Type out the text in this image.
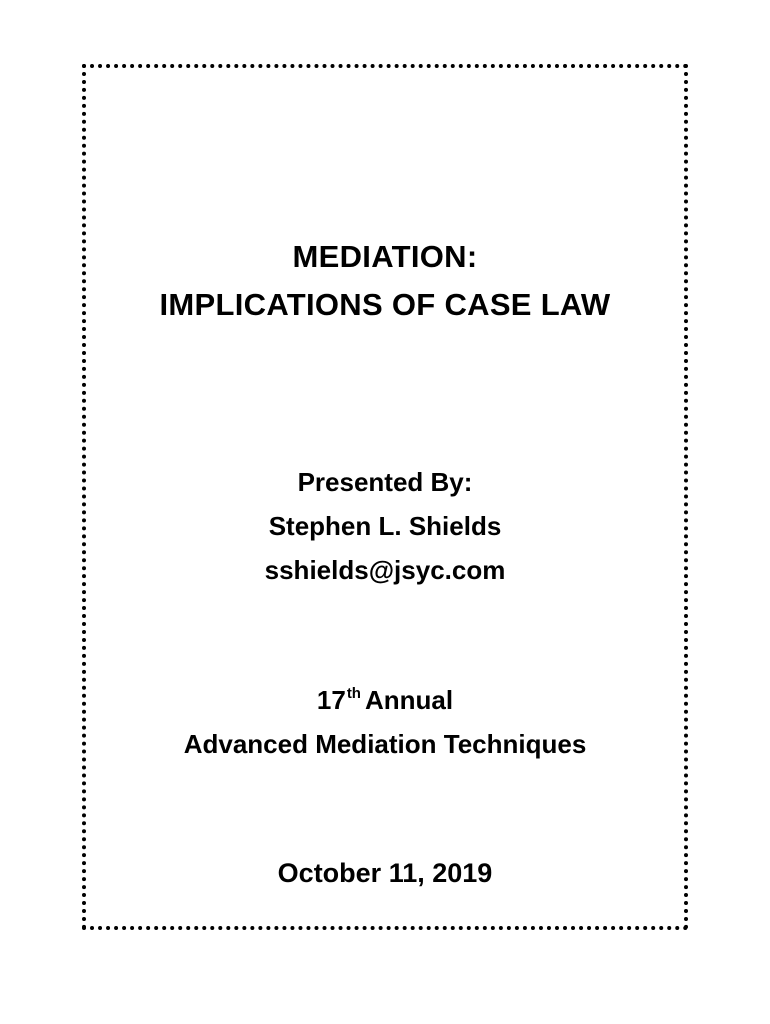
MEDIATION:
IMPLICATIONS OF CASE LAW
Presented By:
Stephen L. Shields
sshields@jsyc.com
17th Annual
Advanced Mediation Techniques
October 11, 2019
